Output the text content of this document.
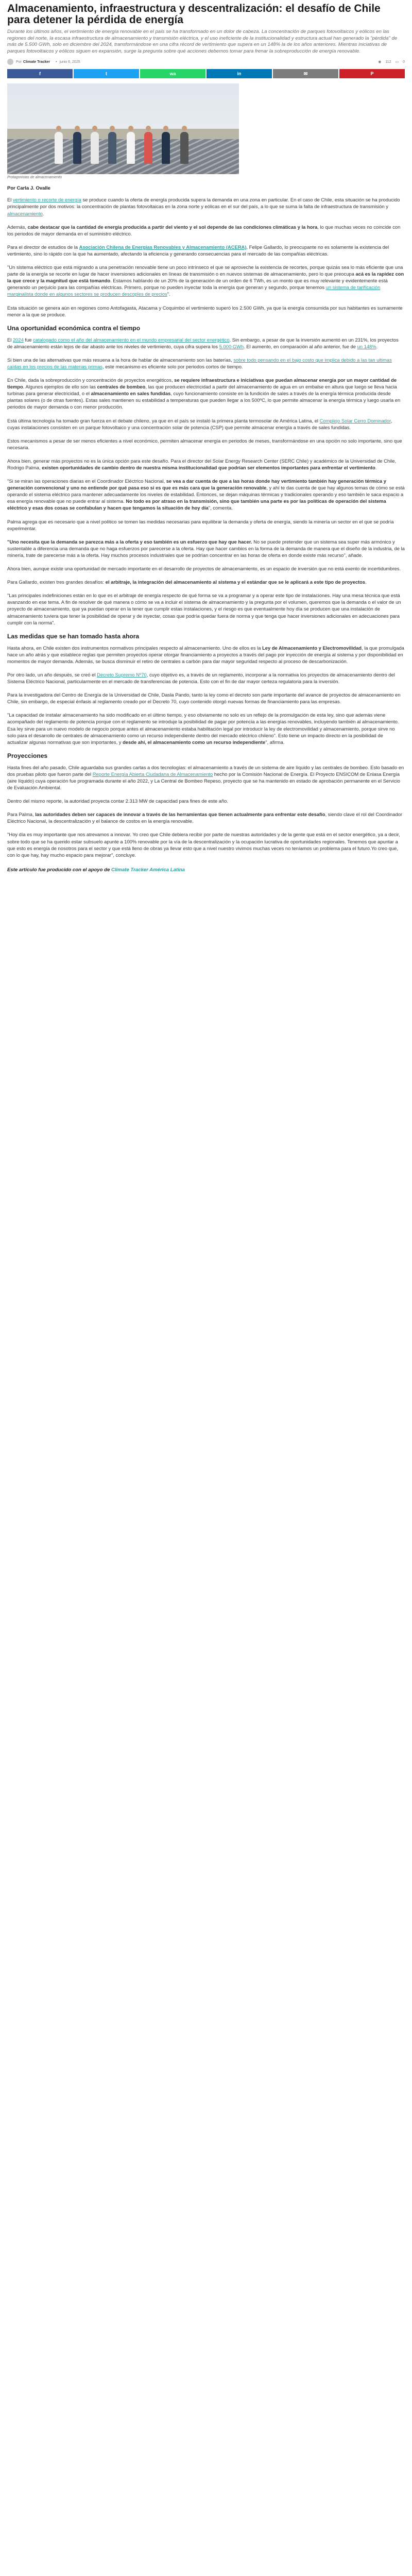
Almacenamiento, infraestructura y descentralización: el desafío de Chile para detener la pérdida de energía
Durante los últimos años, el vertimiento de energía renovable en el país se ha transformado en un dolor de cabeza. La concentración de parques fotovoltaicos y eólicos en las regiones del norte, la escasa infraestructura de almacenamiento y transmisión eléctrica, y el uso ineficiente de la institucionalidad y estructura actual han generado la "pérdida" de más de 5.500 GWh, solo en diciembre del 2024, transformándose en una cifra récord de vertimiento que supera en un 148% la de los años anteriores. Mientras iniciativas de parques fotovoltaicos y eólicos siguen en expansión, surge la pregunta sobre qué acciones debemos tomar para frenar la sobreproducción de energía renovable.
Por Climate Tracker • junio 6, 2025	◉ 112 ▭ 0
f	t	wa	in	✉	P
Protagonistas de almacenamiento
Por Carla J. Ovalle

El vertimiento o recorte de energía se produce cuando la oferta de energía producida supera la demanda en una zona en particular. En el caso de Chile, esta situación se ha producido principalmente por dos motivos: la concentración de plantas fotovoltaicas en la zona norte y eólicas en el sur del país, a lo que se suma la falta de infraestructura de transmisión y almacenamiento.

Además, cabe destacar que la cantidad de energía producida a partir del viento y el sol depende de las condiciones climáticas y la hora, lo que muchas veces no coincide con los periodos de mayor demanda en el suministro eléctrico.

Para el director de estudios de la Asociación Chilena de Energías Renovables y Almacenamiento (ACERA), Felipe Gallardo, lo preocupante no es solamente la existencia del vertimiento, sino lo rápido con la que ha aumentado, afectando la eficiencia y generando consecuencias para el mercado de las compañías eléctricas.

"Un sistema eléctrico que está migrando a una penetración renovable tiene un poco intrínseco el que se aproveche la existencia de recortes, porque quizás sea lo más eficiente que una parte de la energía se recorte en lugar de hacer inversiones adicionales en líneas de transmisión o en nuevos sistemas de almacenamiento, pero lo que preocupa acá es la rapidez con la que crece y la magnitud que está tomando. Estamos hablando de un 20% de la generación de un orden de 6 TWh, es un monto que es muy relevante y evidentemente está generando un perjuicio para las compañías eléctricas. Primero, porque no pueden inyectar toda la energía que generan y segundo, porque tenemos un sistema de tarificación marginalista donde en algunos sectores se producen descoples de precios".

Esta situación se genera aún en regiones como Antofagasta, Atacama y Coquimbo el vertimiento superó los 2.500 GWh, ya que la energía consumida por sus habitantes es sumamente menor a la que se produce.

Una oportunidad económica contra el tiempo

El 2024 fue catalogado como el año del almacenamiento en el mundo empresarial del sector energético. Sin embargo, a pesar de que la inversión aumentó en un 231%, los proyectos de almacenamiento están lejos de dar abasto ante los niveles de vertimiento, cuya cifra supera los 5.000 GWh. El aumento, en comparación al año anterior, fue de un 148%.

Si bien una de las alternativas que más resuena a la hora de hablar de almacenamiento son las baterías, sobre todo pensando en el bajo costo que implica debido a las tan ultimas caídas en los precios de las materias primas, este mecanismo es eficiente solo por periodos cortos de tiempo.

En Chile, dada la sobreproducción y concentración de proyectos energéticos, se requiere infraestructura e iniciativas que puedan almacenar energía por un mayor cantidad de tiempo. Algunos ejemplos de ello son las centrales de bombeo, las que producen electricidad a partir del almacenamiento de agua en un embalse en altura que luego se lleva hacia turbinas para generar electricidad, o el almacenamiento en sales fundidas, cuyo funcionamiento consiste en la fundición de sales a través de la energía térmica producida desde plantas solares (o de otras fuentes). Estas sales mantienen su estabilidad a temperaturas que pueden llegar a los 500ºC, lo que permite almacenar la energía térmica y luego usarla en periodos de mayor demanda o con menor producción.

Está última tecnología ha tomado gran fuerza en el debate chileno, ya que en el país se instaló la primera planta termosolar de América Latina, el Complejo Solar Cerro Dominador, cuyas instalaciones consisten en un parque fotovoltaico y una concentración solar de potencia (CSP) que permite almacenar energía a través de sales fundidas.

Estos mecanismos a pesar de ser menos eficientes a nivel económico, permiten almacenar energía en periodos de meses, transformándose en una opción no solo importante, sino que necesaria.

Ahora bien, generar más proyectos no es la única opción para este desafío. Para el director del Solar Energy Research Center (SERC Chile) y académico de la Universidad de Chile, Rodrigo Palma, existen oportunidades de cambio dentro de nuestra misma institucionalidad que podrían ser elementos importantes para enfrentar el vertimiento.

"Si se miran las operaciones diarias en el Coordinador Eléctrico Nacional, se vea a dar cuenta de que a las horas donde hay vertimiento también hay generación térmica y generación convencional y uno no entiende por qué pasa eso si es que es más cara que la generación renovable, y ahí te das cuenta de que hay algunos temas de cómo se está operando el sistema eléctrico para mantener adecuadamente los niveles de estabilidad. Entonces, se dejan máquinas térmicas y tradicionales operando y eso también le saca espacio a esa energía renovable que no puede entrar al sistema. No todo es por atraso en la transmisión, sino que también una parte es por las políticas de operación del sistema eléctrico y esas dos cosas se confabulan y hacen que tengamos la situación de hoy día", comenta.

Palma agrega que es necesario que a nivel político se tomen las medidas necesarias para equilibrar la demanda y oferta de energía, siendo la minería un sector en el que se podría experimentar.

"Uno necesita que la demanda se parezca más a la oferta y eso también es un esfuerzo que hay que hacer. No se puede pretender que un sistema sea super más armónico y sustentable a diferencia una demanda que no haga esfuerzos por parecerse a la oferta. Hay que hacer cambios en la forma de la demanda de manera que el diseño de la industria, de la minería, trate de parecerse más a la oferta. Hay muchos procesos industriales que se podrían concentrar en las horas de oferta en donde existe más recurso", añade.

Ahora bien, aunque existe una oportunidad de mercado importante en el desarrollo de proyectos de almacenamiento, es un espacio de inversión que no está exento de incertidumbres.

Para Gallardo, existen tres grandes desafíos: el arbitraje, la integración del almacenamiento al sistema y el estándar que se le aplicará a este tipo de proyectos.

"Las principales indefiniciones están en lo que es el arbitraje de energía respecto de qué forma se va a programar y a operar este tipo de instalaciones. Hay una mesa técnica que está avanzando en ese tema. A fin de resolver de qué manera o cómo se va a incluir el sistema de almacenamiento y la pregunta por el volumen, queremos que la demanda o el valor de un proyecto de almacenamiento, que ya puedan operar en la tener que cumplir estas instalaciones, y el riesgo es que eventualmente hoy día se producen que una instalación de almacenamiento tuviera que tener la posibilidad de operar y de inyectar, cosas que podría quedar fuera de norma y que tenga que hacer inversiones adicionales en adecuaciones para cumplir con la norma".

Las medidas que se han tomado hasta ahora

Hasta ahora, en Chile existen dos instrumentos normativos principales respecto al almacenamiento. Uno de ellos es la Ley de Almacenamiento y Electromovilidad, la que promulgada hace un año atrás y que establece reglas que permiten proyectos operar otorgar financiamiento a proyectos a través del pago por inyección de energía al sistema y por disponibilidad en momentos de mayor demanda. Además, se busca disminuir el retiro de centrales a carbón para dar mayor seguridad respecto al proceso de descarbonización.

Por otro lado, un año después, se creó el Decreto Supremo Nº70, cuyo objetivo es, a través de un reglamento, incorporar a la normativa los proyectos de almacenamiento dentro del Sistema Eléctrico Nacional, particularmente en el mercado de transferencias de potencia. Esto con el fin de dar mayor certeza regulatoria para la inversión.

Para la investigadora del Centro de Energía de la Universidad de Chile, Dasla Pando, tanto la ley como el decreto son parte importante del avance de proyectos de almacenamiento en Chile, sin embargo, de especial énfasis al reglamento creado por el Decreto 70, cuyo contenido otorgó nuevas formas de financiamiento para las empresas.

"La capacidad de instalar almacenamiento ha sido modificado en el último tiempo, y eso obviamente no solo es un reflejo de la promulgación de esta ley, sino que además viene acompañado del reglamento de potencia porque con el reglamento se introduje la posibilidad de pagar por potencia a las energías renovables, incluyendo también al almacenamiento. Esa ley sirve para un nuevo modelo de negocio porque antes el almacenamiento estaba habilitación legal por introducir la ley de electromovilidad y almacenamiento, porque sirve no solo para el desarrollo de centrales de almacenamiento como un recurso independiente dentro del mercado eléctrico chileno". Esto tiene un impacto directo en la posibilidad de actualizar algunas normativas que son importantes, y desde ahí, el almacenamiento como un recurso independiente", afirma.

Proyecciones

Hasta fines del año pasado, Chile aguardaba sus grandes cartas a dos tecnologías: el almacenamiento a través de un sistema de aire líquido y las centrales de bombeo. Esto basado en dos pruebas piloto que fueron parte del Reporte Energía Abierta Ciudadana de Almacenamiento hecho por la Comisión Nacional de Energía. El Proyecto ENSICOM de Enlasa Energía (aire líquido) cuya operación fue programada durante el año 2022, y La Central de Bombeo Repeso, proyecto que se ha mantenido en estado de aprobación permanente en el Servicio de Evaluación Ambiental.

Dentro del mismo reporte, la autoridad proyecta contar 2.313 MW de capacidad para fines de este año.

Para Palma, las autoridades deben ser capaces de innovar a través de las herramientas que tienen actualmente para enfrentar este desafío, siendo clave el rol del Coordinador Eléctrico Nacional, la descentralización y el balance de costos en la energía renovable.

"Hoy día es muy importante que nos atrevamos a innovar. Yo creo que Chile debiera recibir por parte de nuestras autoridades y de la gente que está en el sector energético, ya a decir, sobre todo que se ha querido estar subsuelo apunte a 100% renovable por la vía de la descentralización y la ocupación lucrativa de oportunidades regionales. Tenemos que apuntar a que esto es energía de nosotros para el sector y que está lleno de obras ya llevar esto que a nivel nuestro vivimos muchas veces no teníamos un problema para el futuro.Yo creo que, con lo que hay, hay mucho espacio para mejorar", concluye.

Este artículo fue producido con el apoyo de Climate Tracker América Latina
